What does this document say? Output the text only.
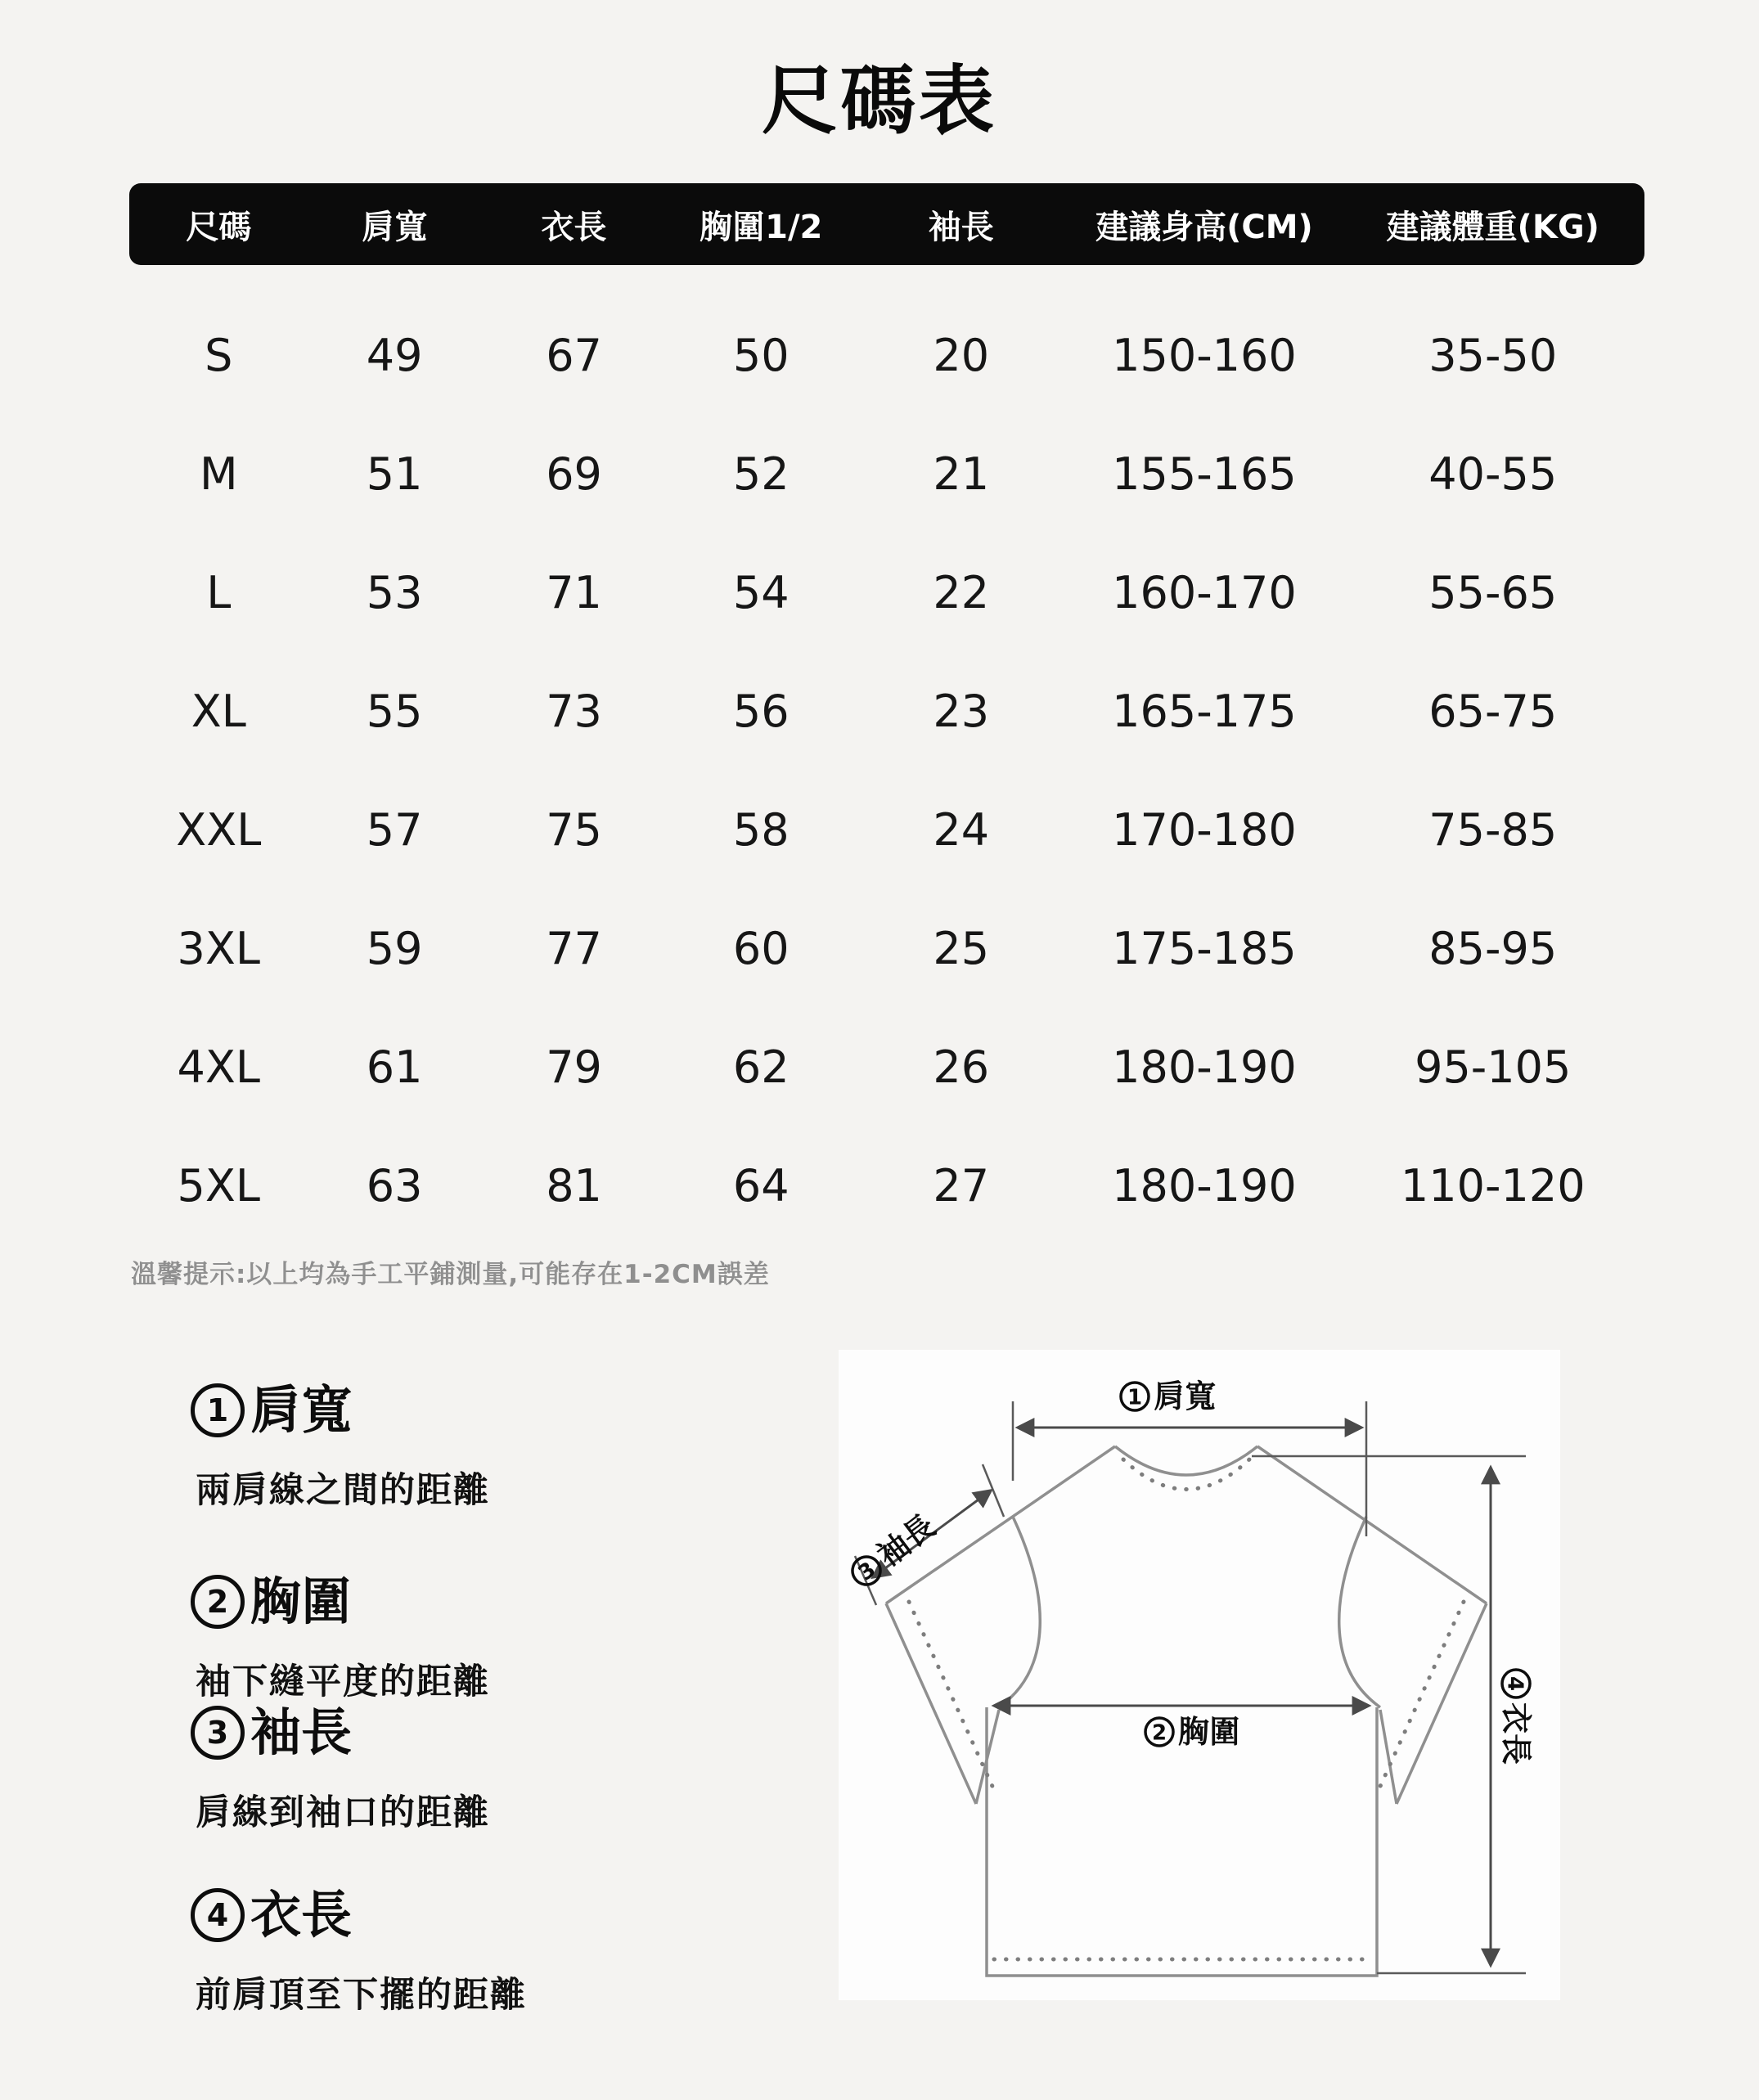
尺碼表
尺碼	肩寬	衣長	胸圍1/2	袖長	建議身高(CM)	建議體重(KG)
S	49	67	50	20	150-160	35-50
M	51	69	52	21	155-165	40-55
L	53	71	54	22	160-170	55-65
XL	55	73	56	23	165-175	65-75
XXL	57	75	58	24	170-180	75-85
3XL	59	77	60	25	175-185	85-95
4XL	61	79	62	26	180-190	95-105
5XL	63	81	64	27	180-190	110-120
溫馨提示:以上均為手工平鋪測量,可能存在1-2CM誤差
1 肩寬
兩肩線之間的距離
2 胸圍
袖下縫平度的距離
3 袖長
肩線到袖口的距離
4 衣長
前肩頂至下擺的距離
1 肩寬
2 胸圍
3
袖長
4
衣長
